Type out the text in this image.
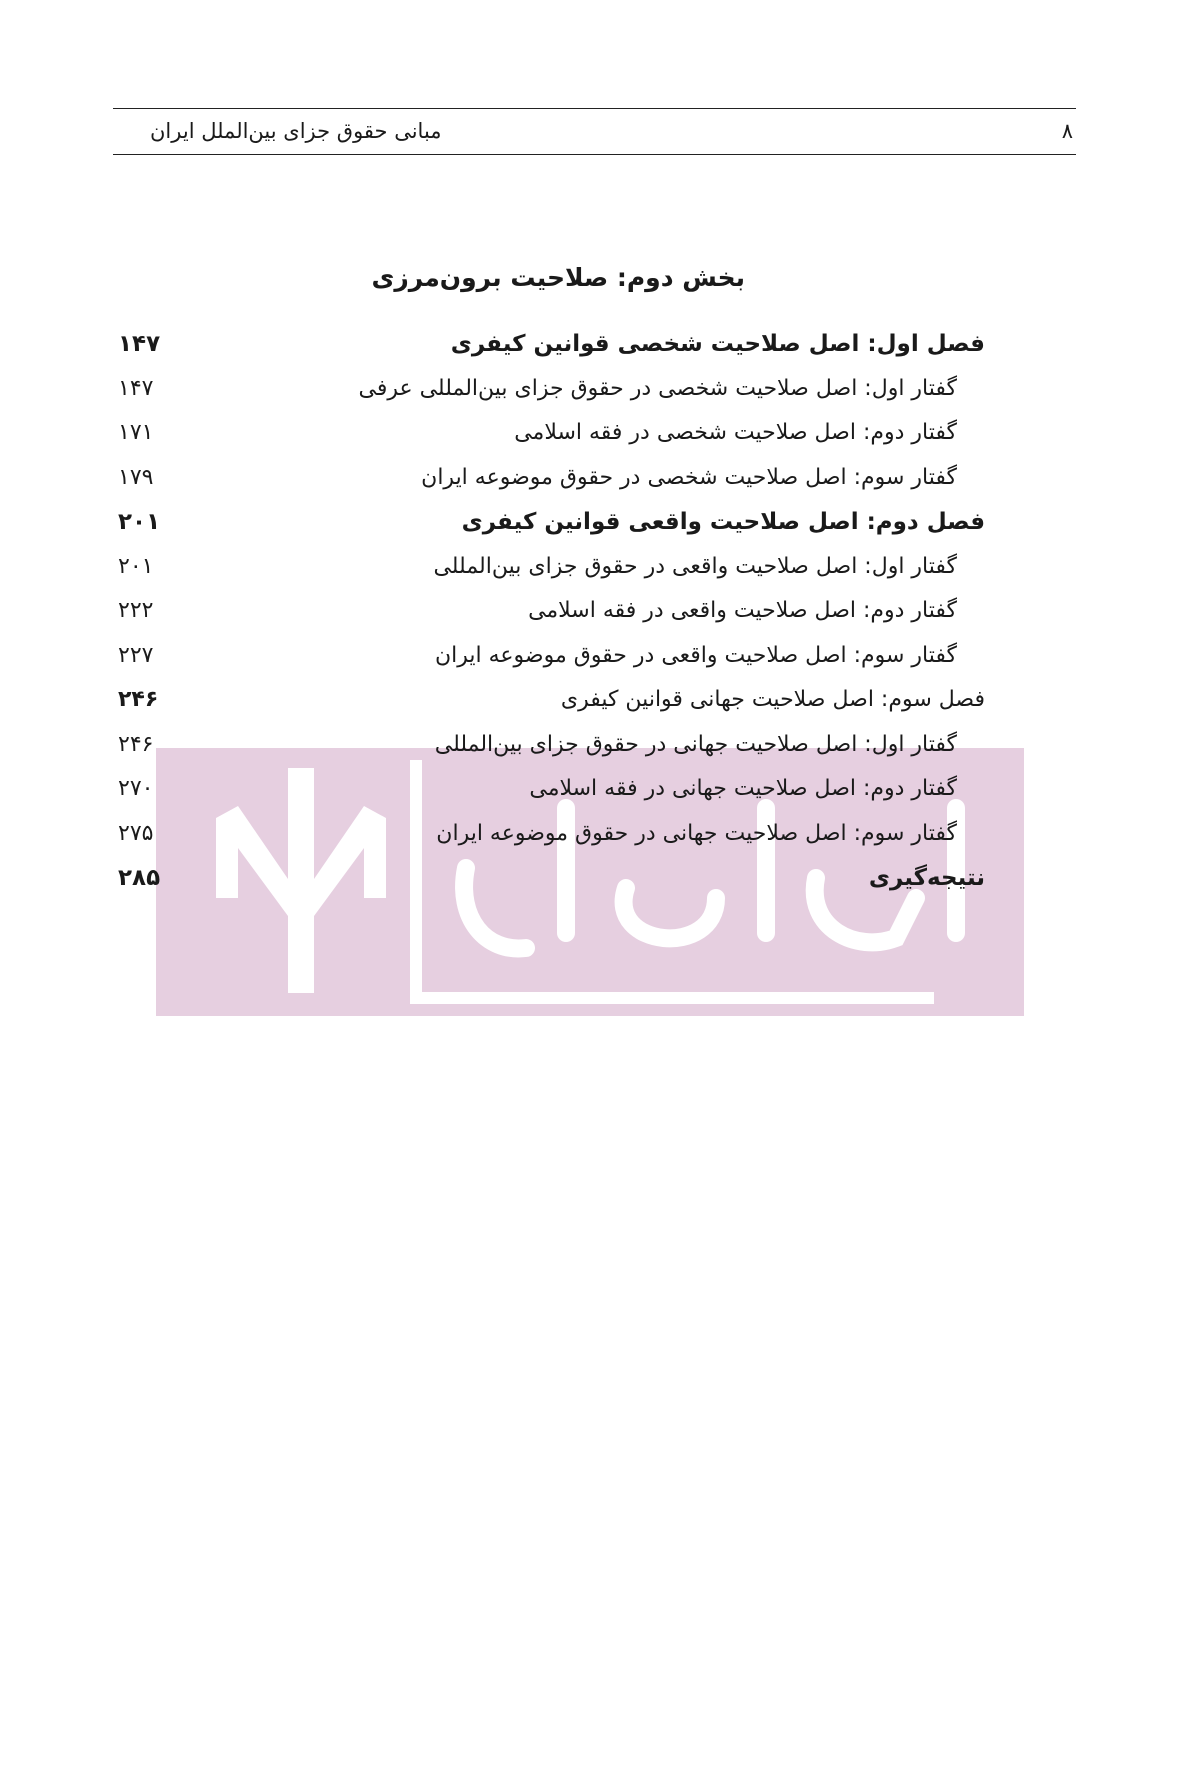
مبانی حقوق جزای بین‌الملل ایران	۸
بخش دوم: صلاحیت برون‌مرزی
فصل اول: اصل صلاحیت شخصی قوانین کیفری
۱۴۷
گفتار اول: اصل صلاحیت شخصی در حقوق جزای بین‌المللی عرفی
۱۴۷
گفتار دوم: اصل صلاحیت شخصی در فقه اسلامی
۱۷۱
گفتار سوم: اصل صلاحیت شخصی در حقوق موضوعه ایران
۱۷۹
فصل دوم: اصل صلاحیت واقعی قوانین کیفری
۲۰۱
گفتار اول: اصل صلاحیت واقعی در حقوق جزای بین‌المللی
۲۰۱
گفتار دوم: اصل صلاحیت واقعی در فقه اسلامی
۲۲۲
گفتار سوم: اصل صلاحیت واقعی در حقوق موضوعه ایران
۲۲۷
فصل سوم: اصل صلاحیت جهانی قوانین کیفری
۲۴۶
گفتار اول: اصل صلاحیت جهانی در حقوق جزای بین‌المللی
۲۴۶
گفتار دوم: اصل صلاحیت جهانی در فقه اسلامی
۲۷۰
گفتار سوم: اصل صلاحیت جهانی در حقوق موضوعه ایران
۲۷۵
نتیجه‌گیری
۲۸۵
